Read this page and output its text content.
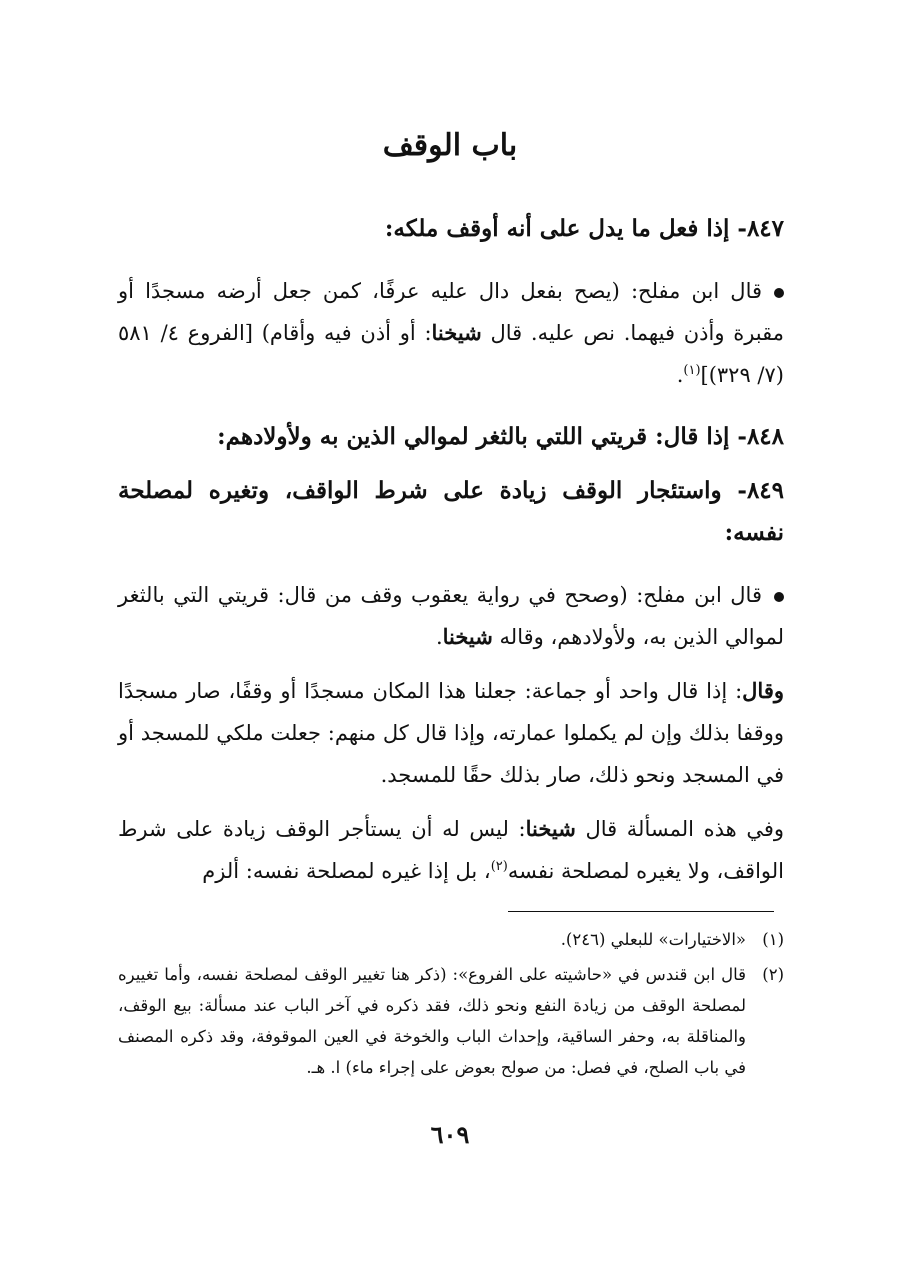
باب الوقف

٨٤٧- إذا فعل ما يدل على أنه أوقف ملكه:

قال ابن مفلح: (يصح بفعل دال عليه عرفًا، كمن جعل أرضه مسجدًا أو مقبرة وأذن فيهما. نص عليه. قال شيخنا: أو أذن فيه وأقام) [الفروع ٤/ ٥٨١ (٧/ ٣٢٩)]$^{(١)}$.

٨٤٨- إذا قال: قريتي اللتي بالثغر لموالي الذين به ولأولادهم:

٨٤٩- واستئجار الوقف زيادة على شرط الواقف، وتغيره لمصلحة نفسه:

قال ابن مفلح: (وصحح في رواية يعقوب وقف من قال: قريتي التي بالثغر لموالي الذين به، ولأولادهم، وقاله شيخنا.

وقال: إذا قال واحد أو جماعة: جعلنا هذا المكان مسجدًا أو وقفًا، صار مسجدًا ووقفا بذلك وإن لم يكملوا عمارته، وإذا قال كل منهم: جعلت ملكي للمسجد أو في المسجد ونحو ذلك، صار بذلك حقًا للمسجد.

وفي هذه المسألة قال شيخنا: ليس له أن يستأجر الوقف زيادة على شرط الواقف، ولا يغيره لمصلحة نفسه$^{(٢)}$، بل إذا غيره لمصلحة نفسه: ألزم

(١)
«الاختيارات» للبعلي (٢٤٦).
(٢)
قال ابن قندس في «حاشيته على الفروع»: (ذكر هنا تغيير الوقف لمصلحة نفسه، وأما تغييره لمصلحة الوقف من زيادة النفع ونحو ذلك، فقد ذكره في آخر الباب عند مسألة: بيع الوقف، والمناقلة به، وحفر الساقية، وإحداث الباب والخوخة في العين الموقوفة، وقد ذكره المصنف في باب الصلح، في فصل: من صولح بعوض على إجراء ماء) ا. هـ.

٦٠٩
